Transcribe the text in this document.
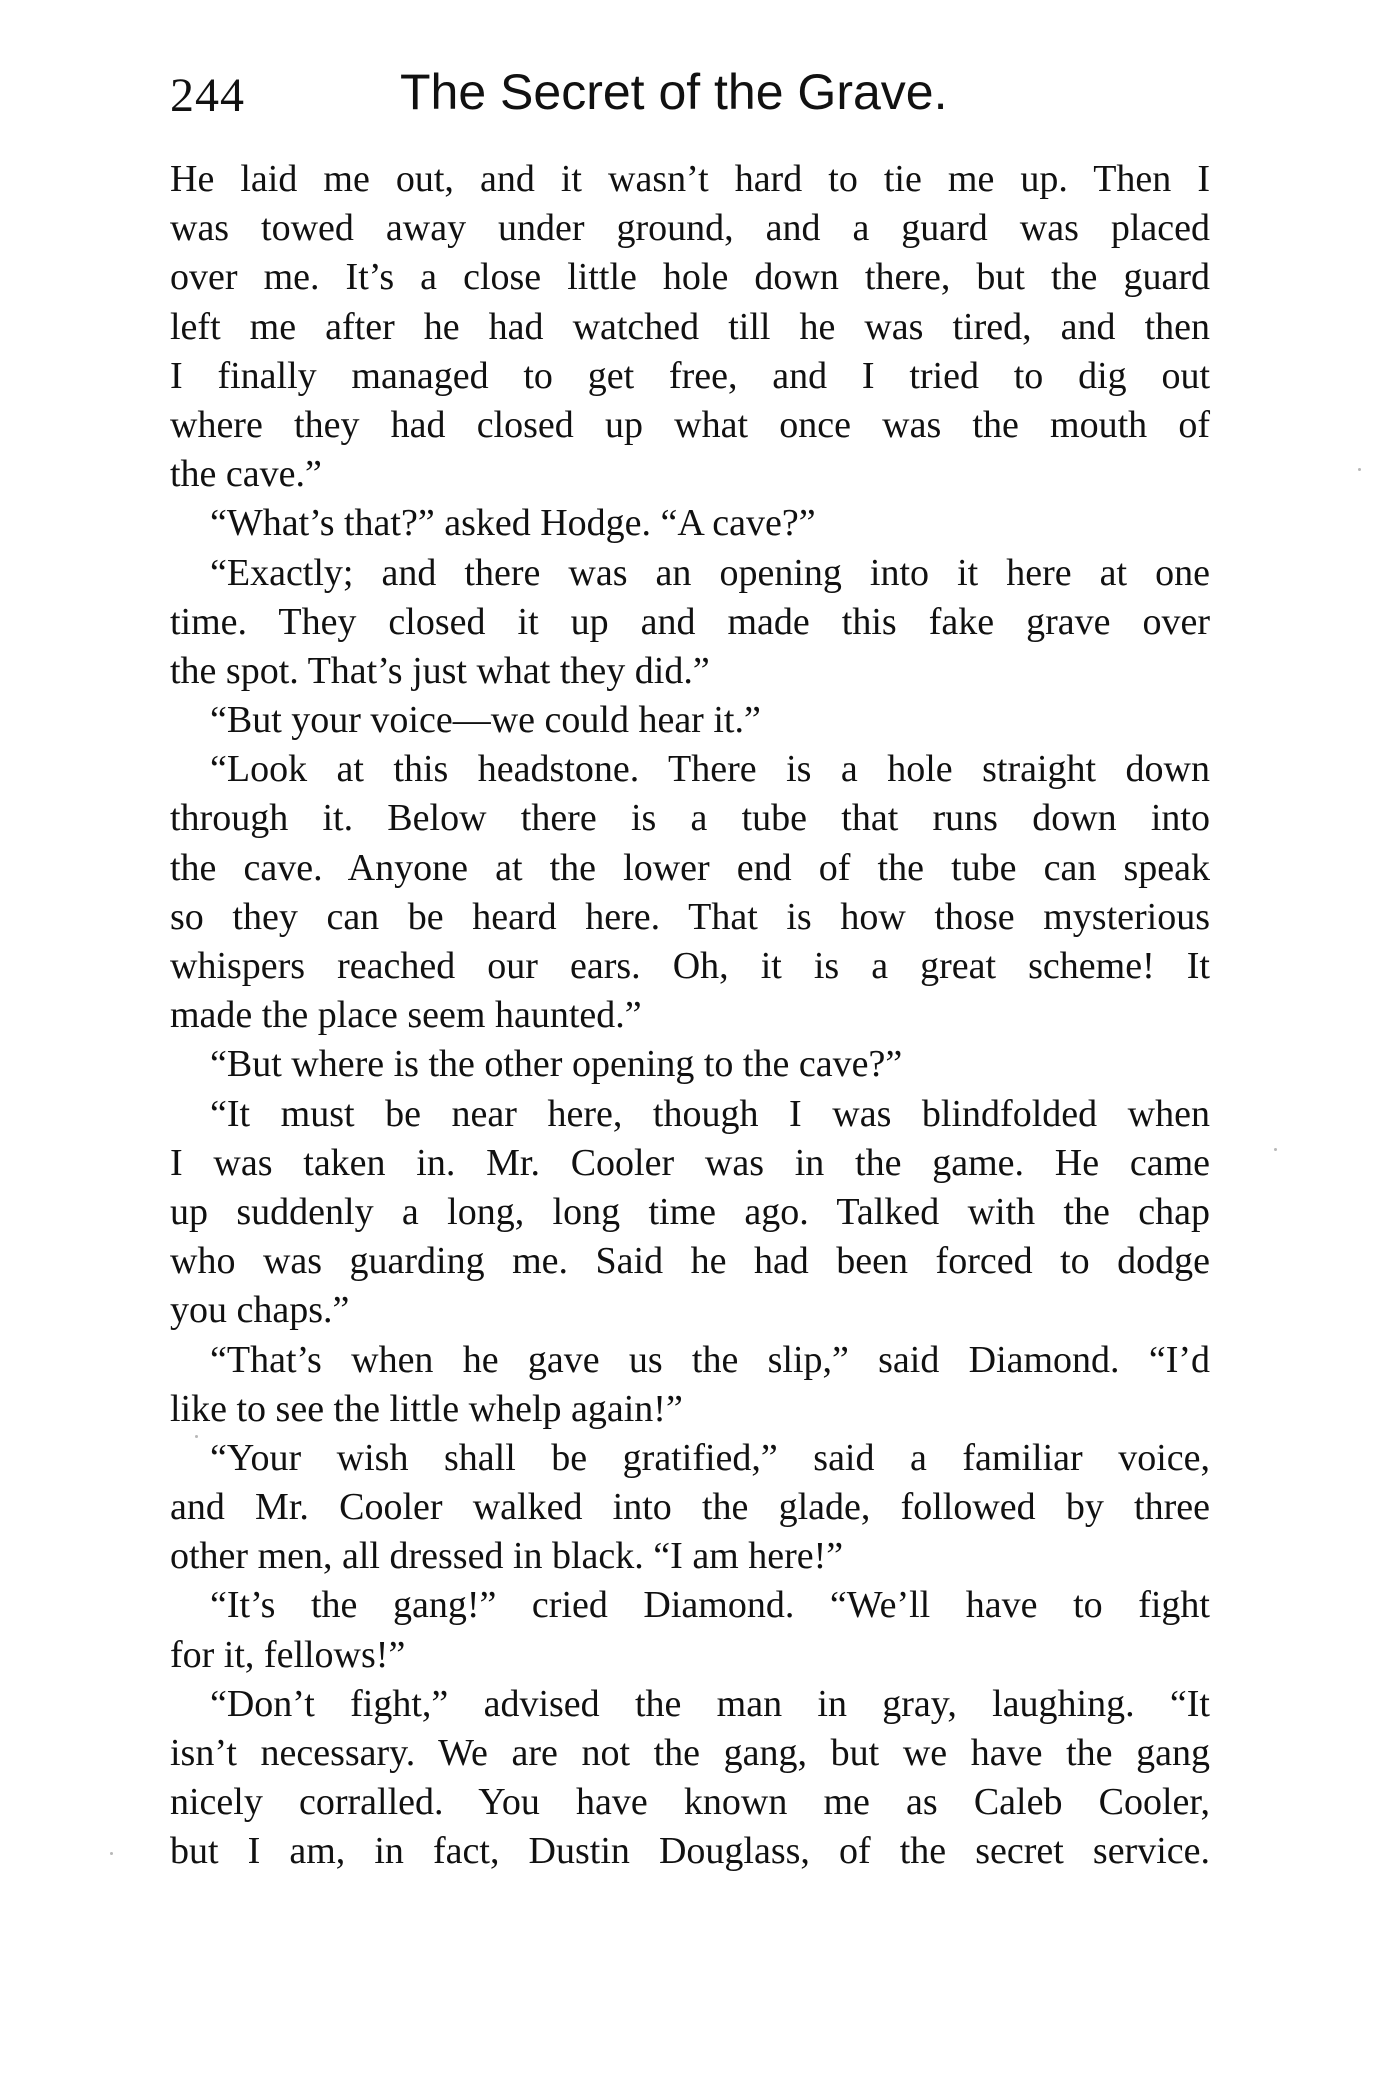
244	The Secret of the Grave.
He laid me out, and it wasn’t hard to tie me up. Then I
was towed away under ground, and a guard was placed
over me. It’s a close little hole down there, but the guard
left me after he had watched till he was tired, and then
I finally managed to get free, and I tried to dig out
where they had closed up what once was the mouth of
the cave.”
“What’s that?” asked Hodge. “A cave?”
“Exactly; and there was an opening into it here at one
time. They closed it up and made this fake grave over
the spot. That’s just what they did.”
“But your voice—we could hear it.”
“Look at this headstone. There is a hole straight down
through it. Below there is a tube that runs down into
the cave. Anyone at the lower end of the tube can speak
so they can be heard here. That is how those mysterious
whispers reached our ears. Oh, it is a great scheme! It
made the place seem haunted.”
“But where is the other opening to the cave?”
“It must be near here, though I was blindfolded when
I was taken in. Mr. Cooler was in the game. He came
up suddenly a long, long time ago. Talked with the chap
who was guarding me. Said he had been forced to dodge
you chaps.”
“That’s when he gave us the slip,” said Diamond. “I’d
like to see the little whelp again!”
“Your wish shall be gratified,” said a familiar voice,
and Mr. Cooler walked into the glade, followed by three
other men, all dressed in black. “I am here!”
“It’s the gang!” cried Diamond. “We’ll have to fight
for it, fellows!”
“Don’t fight,” advised the man in gray, laughing. “It
isn’t necessary. We are not the gang, but we have the gang
nicely corralled. You have known me as Caleb Cooler,
but I am, in fact, Dustin Douglass, of the secret service.
